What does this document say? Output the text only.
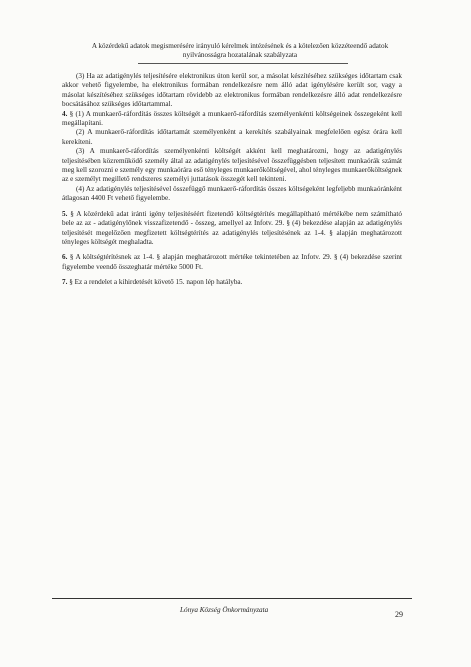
A közérdekű adatok megismerésére irányuló kérelmek intézésének és a kötelezően közzéteendő adatok
nyilvánosságra hozatalának szabályzata

(3) Ha az adatigénylés teljesítésére elektronikus úton kerül sor, a másolat készítéséhez szükséges időtartam csak akkor vehető figyelembe, ha elektronikus formában rendelkezésre nem álló adat igénylésére került sor, vagy a másolat készítéséhez szükséges időtartam rövidebb az elektronikus formában rendelkezésre álló adat rendelkezésre bocsátásához szükséges időtartammal.

4. § (1) A munkaerő-ráfordítás összes költségét a munkaerő-ráfordítás személyenkénti költségeinek összegeként kell megállapítani.

(2) A munkaerő-ráfordítás időtartamát személyenként a kerekítés szabályainak megfelelően egész órára kell kerekíteni.

(3) A munkaerő-ráfordítás személyenkénti költségét akként kell meghatározni, hogy az adatigénylés teljesítésében közreműködő személy által az adatigénylés teljesítésével összefüggésben teljesített munkaórák számát meg kell szorozni e személy egy munkaórára eső tényleges munkaerőköltségével, ahol tényleges munkaerőköltségnek az e személyt megillető rendszeres személyi juttatások összegét kell tekinteni.

(4) Az adatigénylés teljesítésével összefüggő munkaerő-ráfordítás összes költségeként legfeljebb munkaóránként átlagosan 4400 Ft vehető figyelembe.

5. § A közérdekű adat iránti igény teljesítéséért fizetendő költségtérítés megállapítható mértékébe nem számítható bele az az - adatigénylőnek visszafizetendő - összeg, amellyel az Infotv. 29. § (4) bekezdése alapján az adatigénylés teljesítését megelőzően megfizetett költségtérítés az adatigénylés teljesítésének az 1-4. § alapján meghatározott tényleges költségét meghaladta.

6. § A költségtérítésnek az 1-4. § alapján meghatározott mértéke tekintetében az Infotv. 29. § (4) bekezdése szerint figyelembe veendő összeghatár mértéke 5000 Ft.

7. § Ez a rendelet a kihirdetését követő 15. napon lép hatályba.

Lónya Község Önkormányzata	29
